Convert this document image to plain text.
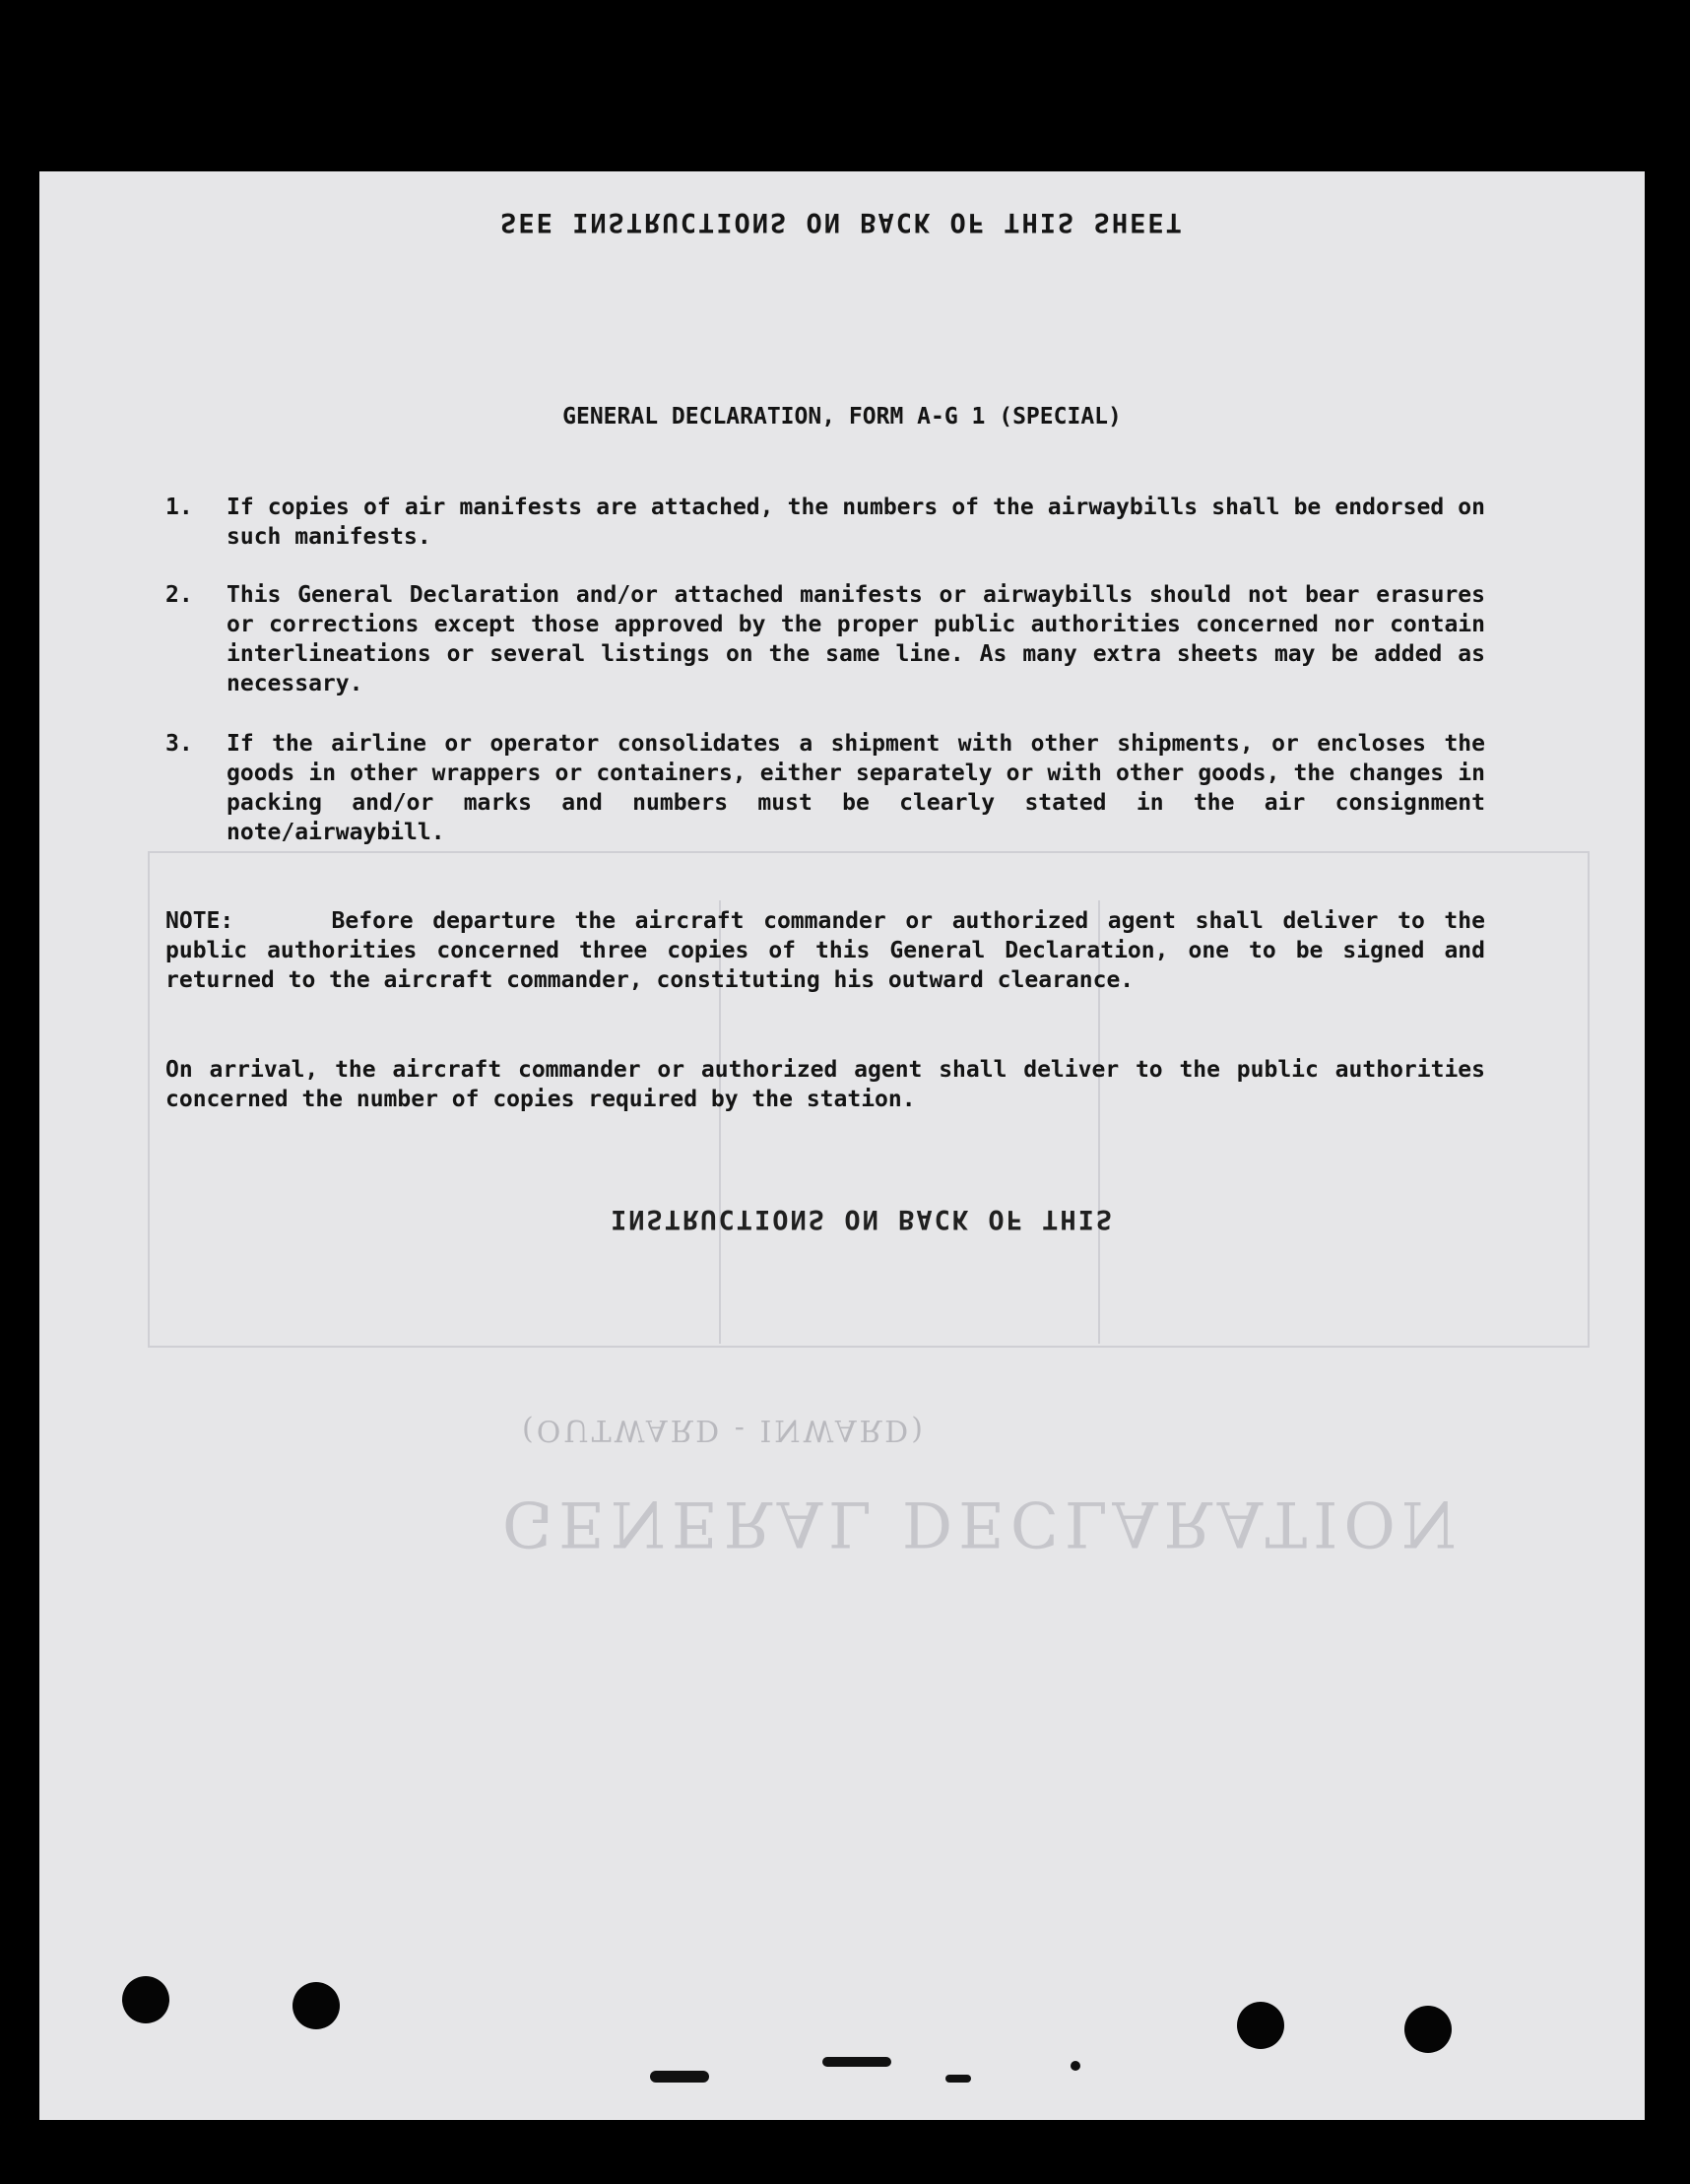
GENERAL DECLARATION
(OUTWARD - INWARD)
SEE INSTRUCTIONS ON BACK OF THIS SHEET
GENERAL DECLARATION, FORM A-G 1 (SPECIAL)
1. If copies of air manifests are attached, the numbers of the airwaybills shall be endorsed on such manifests.
2. This General Declaration and/or attached manifests or airwaybills should not bear erasures or corrections except those approved by the proper public authorities concerned nor contain interlineations or several listings on the same line. As many extra sheets may be added as necessary.
3. If the airline or operator consolidates a shipment with other shipments, or encloses the goods in other wrappers or containers, either separately or with other goods, the changes in packing and/or marks and numbers must be clearly stated in the air consignment note/airwaybill.
NOTE:	Before departure the aircraft commander or authorized agent shall deliver to the public authorities concerned three copies of this General Declaration, one to be signed and returned to the aircraft commander, constituting his outward clearance.
On arrival, the aircraft commander or authorized agent shall deliver to the public authorities concerned the number of copies required by the station.
INSTRUCTIONS ON BACK OF THIS
